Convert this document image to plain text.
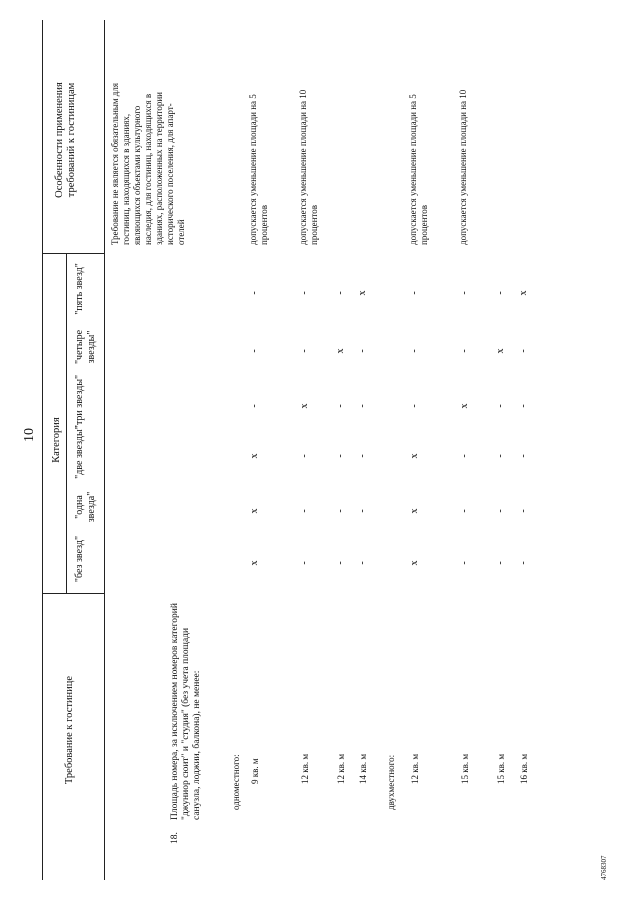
10
Требование к гостинице
Категория
Особенности применения требований к гостиницам
"без звезд"
"одна звезда"
"две звезды"
"три звезды"
"четыре звезды"
"пять звезд"
18.
Площадь номера, за исключением номеров категорий "джуниор сюит" и "студия" (без учета площади санузла, лоджии, балкона), не менее:
Требование не является обязательным для гостиниц, находящихся в зданиях, являющихся объектами культурного наследия, для гостиниц, находящихся в зданиях, расположенных на территории исторического поселения, для апарт-отелей
одноместного: 9 кв. м
x
x
x
-
-
-
допускается уменьшение площади на 5 процентов
12 кв. м
-
-
-
x
-
-
допускается уменьшение площади на 10 процентов
12 кв. м
-
-
-
-
x
-
14 кв. м
-
-
-
-
-
x
двухместного: 12 кв. м
x
x
x
-
-
-
допускается уменьшение площади на 5 процентов
15 кв. м
-
-
-
x
-
-
допускается уменьшение площади на 10
15 кв. м
-
-
-
-
x
-
16 кв. м
-
-
-
-
-
x
4768307
